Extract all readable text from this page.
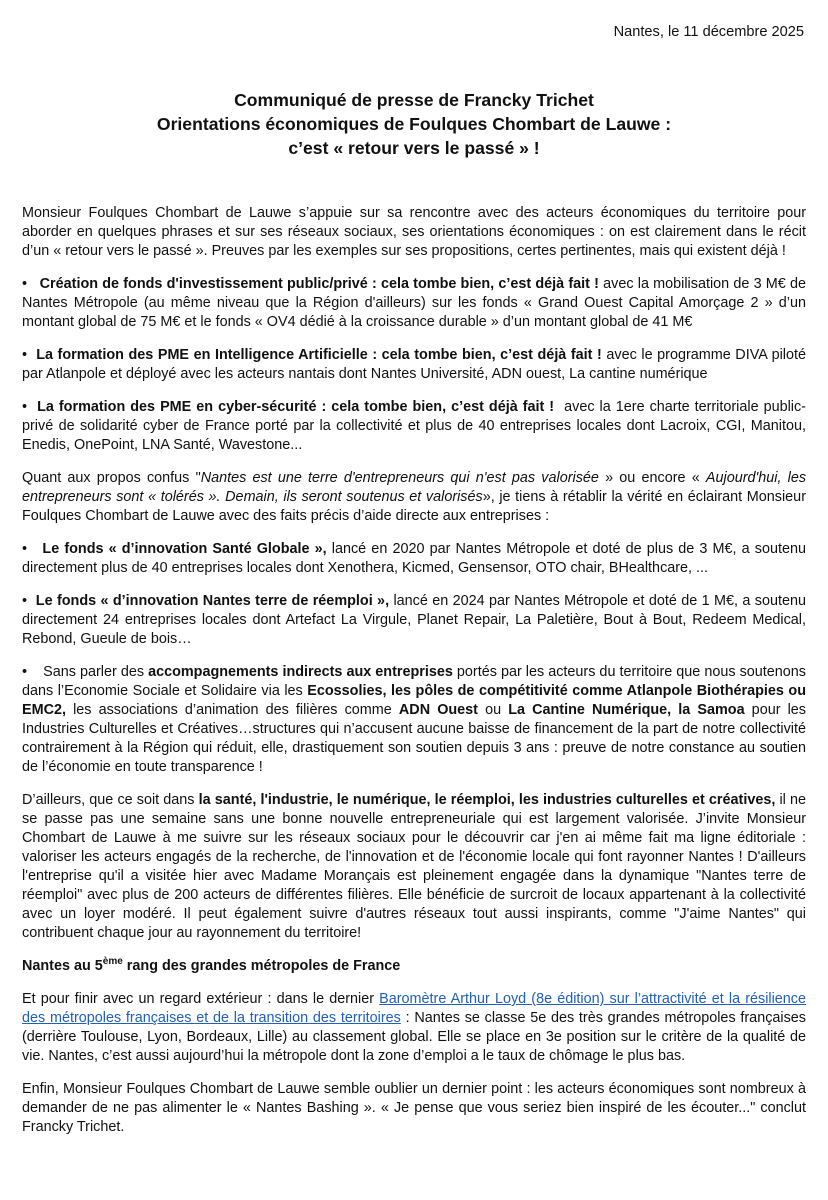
Nantes, le 11 décembre 2025
Communiqué de presse de Francky Trichet
Orientations économiques de Foulques Chombart de Lauwe :
c’est « retour vers le passé » !

Monsieur Foulques Chombart de Lauwe s’appuie sur sa rencontre avec des acteurs économiques du territoire pour aborder en quelques phrases et sur ses réseaux sociaux, ses orientations économiques : on est clairement dans le récit d’un « retour vers le passé ». Preuves par les exemples sur ses propositions, certes pertinentes, mais qui existent déjà !

•   Création de fonds d'investissement public/privé : cela tombe bien, c’est déjà fait ! avec la mobilisation de 3 M€ de Nantes Métropole (au même niveau que la Région d'ailleurs) sur les fonds « Grand Ouest Capital Amorçage 2 » d’un montant global de 75 M€ et le fonds « OV4 dédié à la croissance durable » d’un montant global de 41 M€

•  La formation des PME en Intelligence Artificielle : cela tombe bien, c’est déjà fait ! avec le programme DIVA piloté par Atlanpole et déployé avec les acteurs nantais dont Nantes Université, ADN ouest, La cantine numérique

•  La formation des PME en cyber-sécurité : cela tombe bien, c’est déjà fait !  avec la 1ere charte territoriale public-privé de solidarité cyber de France porté par la collectivité et plus de 40 entreprises locales dont Lacroix, CGI, Manitou, Enedis, OnePoint, LNA Santé, Wavestone...

Quant aux propos confus "Nantes est une terre d'entrepreneurs qui n'est pas valorisée » ou encore « Aujourd'hui, les entrepreneurs sont « tolérés ». Demain, ils seront soutenus et valorisés», je tiens à rétablir la vérité en éclairant Monsieur Foulques Chombart de Lauwe avec des faits précis d’aide directe aux entreprises :

•   Le fonds « d’innovation Santé Globale », lancé en 2020 par Nantes Métropole et doté de plus de 3 M€, a soutenu directement plus de 40 entreprises locales dont Xenothera, Kicmed, Gensensor, OTO chair, BHealthcare, ...

•  Le fonds « d’innovation Nantes terre de réemploi », lancé en 2024 par Nantes Métropole et doté de 1 M€, a soutenu directement 24 entreprises locales dont Artefact La Virgule, Planet Repair, La Paletière, Bout à Bout, Redeem Medical, Rebond, Gueule de bois…

•    Sans parler des accompagnements indirects aux entreprises portés par les acteurs du territoire que nous soutenons dans l’Economie Sociale et Solidaire via les Ecossolies, les pôles de compétitivité comme Atlanpole Biothérapies ou EMC2, les associations d’animation des filières comme ADN Ouest ou La Cantine Numérique, la Samoa pour les Industries Culturelles et Créatives…structures qui n’accusent aucune baisse de financement de la part de notre collectivité contrairement à la Région qui réduit, elle, drastiquement son soutien depuis 3 ans : preuve de notre constance au soutien de l’économie en toute transparence !

D’ailleurs, que ce soit dans la santé, l'industrie, le numérique, le réemploi, les industries culturelles et créatives, il ne se passe pas une semaine sans une bonne nouvelle entrepreneuriale qui est largement valorisée. J’invite Monsieur Chombart de Lauwe à me suivre sur les réseaux sociaux pour le découvrir car j'en ai même fait ma ligne éditoriale : valoriser les acteurs engagés de la recherche, de l'innovation et de l'économie locale qui font rayonner Nantes ! D'ailleurs l'entreprise qu'il a visitée hier avec Madame Morançais est pleinement engagée dans la dynamique "Nantes terre de réemploi" avec plus de 200 acteurs de différentes filières. Elle bénéficie de surcroit de locaux appartenant à la collectivité avec un loyer modéré. Il peut également suivre d'autres réseaux tout aussi inspirants, comme "J'aime Nantes" qui contribuent chaque jour au rayonnement du territoire!

Nantes au 5ème rang des grandes métropoles de France

Et pour finir avec un regard extérieur : dans le dernier Baromètre Arthur Loyd (8e édition) sur l’attractivité et la résilience des métropoles françaises et de la transition des territoires : Nantes se classe 5e des très grandes métropoles françaises (derrière Toulouse, Lyon, Bordeaux, Lille) au classement global. Elle se place en 3e position sur le critère de la qualité de vie. Nantes, c’est aussi aujourd’hui la métropole dont la zone d’emploi a le taux de chômage le plus bas.

Enfin, Monsieur Foulques Chombart de Lauwe semble oublier un dernier point : les acteurs économiques sont nombreux à demander de ne pas alimenter le « Nantes Bashing ». « Je pense que vous seriez bien inspiré de les écouter..." conclut Francky Trichet.
